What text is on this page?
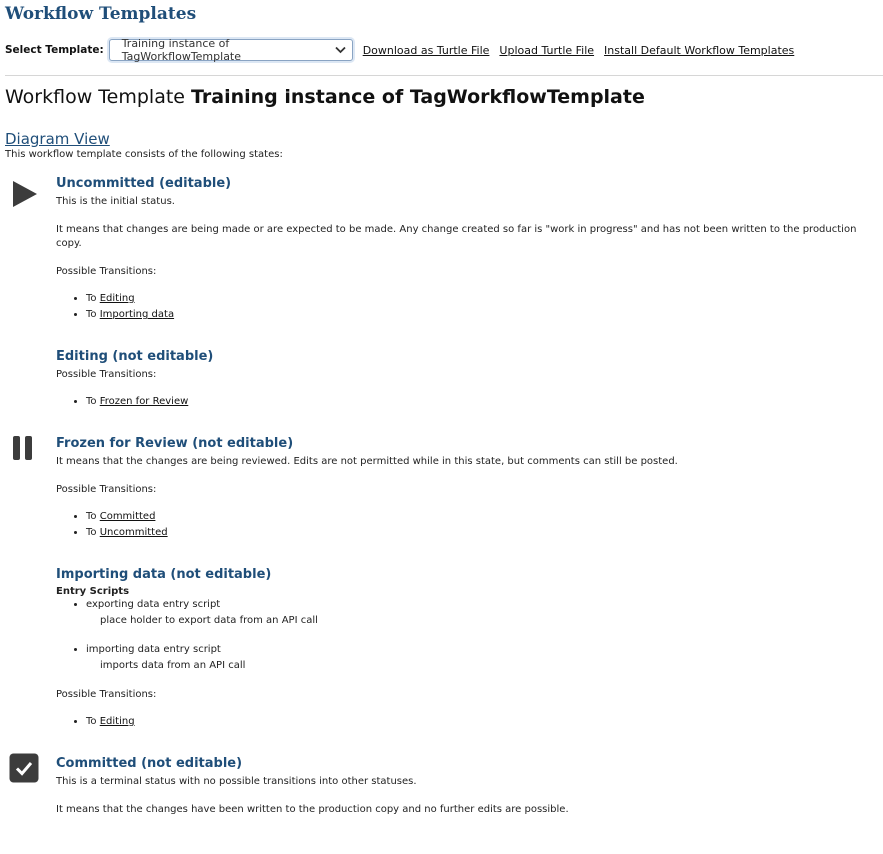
Workflow Templates
Select Template: Training instance of TagWorkflowTemplate	Download as Turtle File Upload Turtle File Install Default Workflow Templates
Workflow Template Training instance of TagWorkflowTemplate
Diagram View

This workflow template consists of the following states:

Uncommitted (editable)

This is the initial status.

It means that changes are being made or are expected to be made. Any change created so far is "work in progress" and has not been written to the production copy.

Possible Transitions:

• To Editing
• To Importing data
Editing (not editable)

Possible Transitions:

• To Frozen for Review
Frozen for Review (not editable)

It means that the changes are being reviewed. Edits are not permitted while in this state, but comments can still be posted.

Possible Transitions:

• To Committed
• To Uncommitted
Importing data (not editable)

Entry Scripts

• exporting data entry script
place holder to export data from an API call
• importing data entry script
imports data from an API call

Possible Transitions:

• To Editing
Committed (not editable)

This is a terminal status with no possible transitions into other statuses.

It means that the changes have been written to the production copy and no further edits are possible.
